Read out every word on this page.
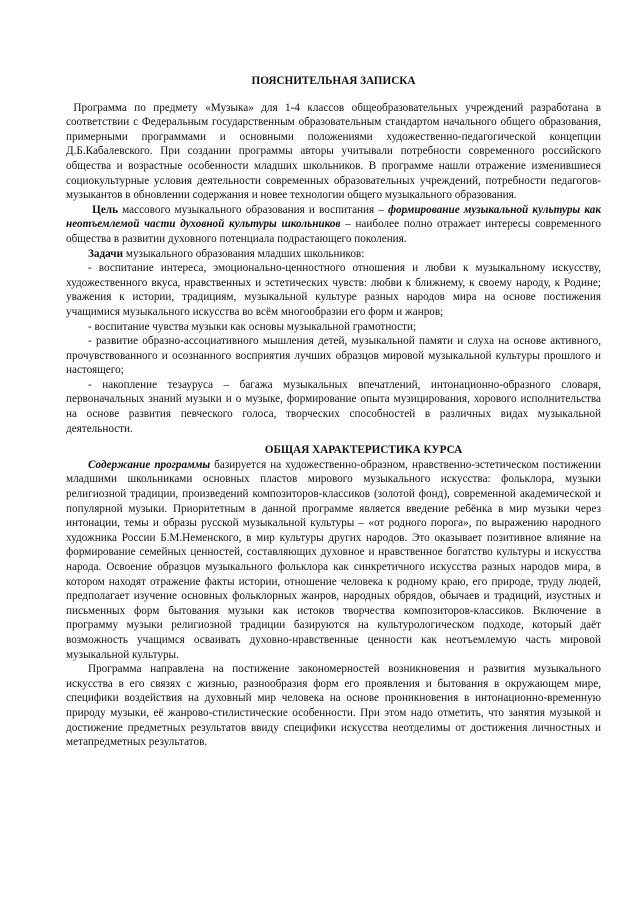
ПОЯСНИТЕЛЬНАЯ ЗАПИСКА

Программа по предмету «Музыка» для 1-4 классов общеобразовательных учреждений разработана в соответствии с Федеральным государственным образовательным стандартом начального общего образования, примерными программами и основными положениями художественно-педагогической концепции Д.Б.Кабалевского. При создании программы авторы учитывали потребности современного российского общества и возрастные особенности младших школьников. В программе нашли отражение изменившиеся социокультурные условия деятельности современных образовательных учреждений, потребности педагогов-музыкантов в обновлении содержания и новее технологии общего музыкального образования.

Цель массового музыкального образования и воспитания – формирование музыкальной культуры как неотъемлемой части духовной культуры школьников – наиболее полно отражает интересы современного общества в развитии духовного потенциала подрастающего поколения.

Задачи музыкального образования младших школьников:

- воспитание интереса, эмоционально-ценностного отношения и любви к музыкальному искусству, художественного вкуса, нравственных и эстетических чувств: любви к ближнему, к своему народу, к Родине; уважения к истории, традициям, музыкальной культуре разных народов мира на основе постижения учащимися музыкального искусства во всём многообразии его форм и жанров;

- воспитание чувства музыки как основы музыкальной грамотности;

- развитие образно-ассоциативного мышления детей, музыкальной памяти и слуха на основе активного, прочувствованного и осознанного восприятия лучших образцов мировой музыкальной культуры прошлого и настоящего;

- накопление тезауруса – багажа музыкальных впечатлений, интонационно-образного словаря, первоначальных знаний музыки и о музыке, формирование опыта музицирования, хорового исполнительства на основе развития певческого голоса, творческих способностей в различных видах музыкальной деятельности.

ОБЩАЯ ХАРАКТЕРИСТИКА КУРСА

Содержание программы базируется на художественно-образном, нравственно-эстетическом постижении младшими школьниками основных пластов мирового музыкального искусства: фольклора, музыки религиозной традиции, произведений композиторов-классиков (золотой фонд), современной академической и популярной музыки. Приоритетным в данной программе является введение ребёнка в мир музыки через интонации, темы и образы русской музыкальной культуры – «от родного порога», по выражению народного художника России Б.М.Неменского, в мир культуры других народов. Это оказывает позитивное влияние на формирование семейных ценностей, составляющих духовное и нравственное богатство культуры и искусства народа. Освоение образцов музыкального фольклора как синкретичного искусства разных народов мира, в котором находят отражение факты истории, отношение человека к родному краю, его природе, труду людей, предполагает изучение основных фольклорных жанров, народных обрядов, обычаев и традиций, изустных и письменных форм бытования музыки как истоков творчества композиторов-классиков. Включение в программу музыки религиозной традиции базируются на культурологическом подходе, который даёт возможность учащимся осваивать духовно-нравственные ценности как неотъемлемую часть мировой музыкальной культуры.

Программа направлена на постижение закономерностей возникновения и развития музыкального искусства в его связях с жизнью, разнообразия форм его проявления и бытования в окружающем мире, специфики воздействия на духовный мир человека на основе проникновения в интонационно-временную природу музыки, её жанрово-стилистические особенности. При этом надо отметить, что занятия музыкой и достижение предметных результатов ввиду специфики искусства неотделимы от достижения личностных и метапредметных результатов.
